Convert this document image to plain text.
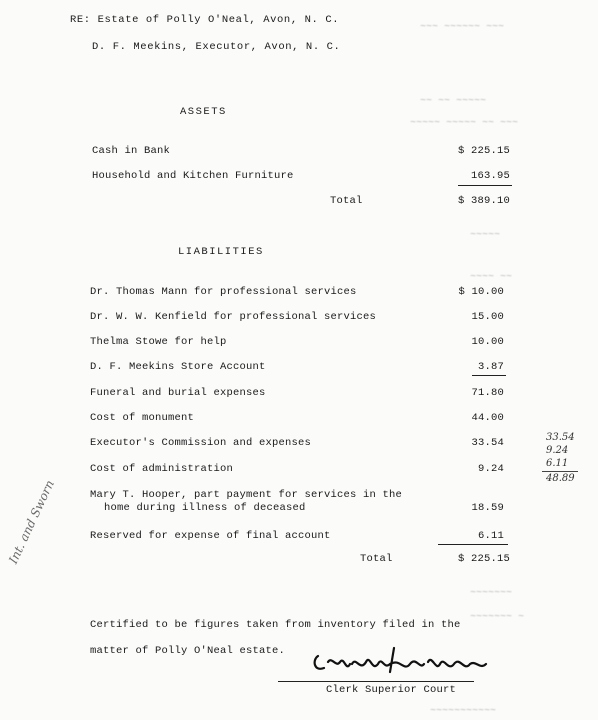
~~~ ~~~~~~ ~~~
~~ ~~ ~~~~~
~~~~~ ~~~~~ ~~ ~~~
~~~~~
~~~~ ~~
~~~~~~~
~~~~~~~ ~
~~~~~~~~~~~
RE: Estate of Polly O'Neal, Avon, N. C.
D. F. Meekins, Executor, Avon, N. C.
ASSETS
Cash in Bank	$ 225.15
Household and Kitchen Furniture	163.95
Total	$ 389.10
LIABILITIES
Dr. Thomas Mann for professional services	$ 10.00
Dr. W. W. Kenfield for professional services	15.00
Thelma Stowe for help	10.00
D. F. Meekins Store Account	3.87
Funeral and burial expenses	71.80
Cost of monument	44.00
Executor's Commission and expenses	33.54
Cost of administration	9.24
Mary T. Hooper, part payment for services in the
home during illness of deceased	18.59
Reserved for expense of final account	6.11
Total	$ 225.15
33.54
9.24
6.11
48.89
Int. and Sworn
Certified to be figures taken from inventory filed in the
matter of Polly O'Neal estate.
Clerk Superior Court
